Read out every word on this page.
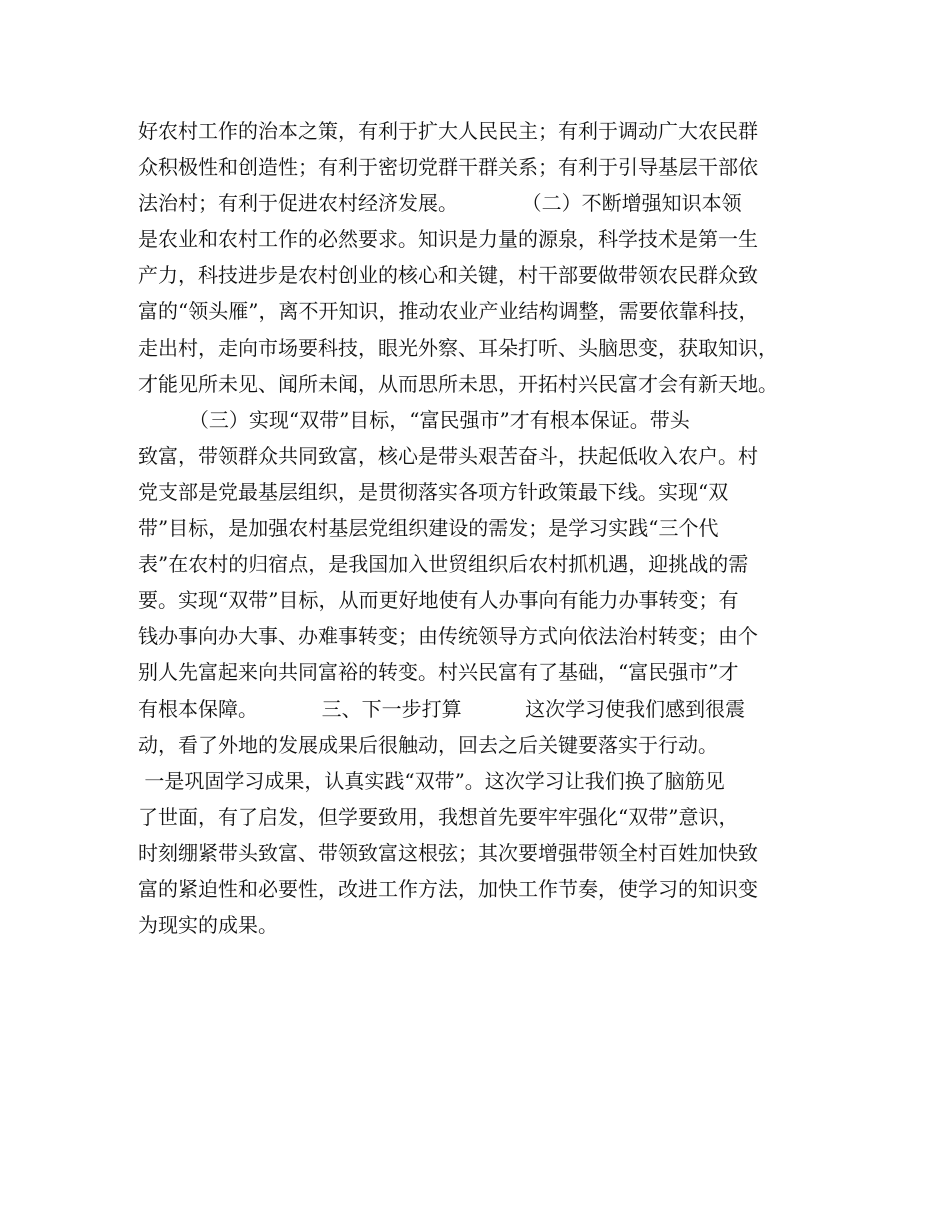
好农村工作的治本之策，有利于扩大人民民主；有利于调动广大农民群
众积极性和创造性；有利于密切党群干群关系；有利于引导基层干部依
法治村；有利于促进农村经济发展。          （二）不断增强知识本领
是农业和农村工作的必然要求。知识是力量的源泉，科学技术是第一生
产力，科技进步是农村创业的核心和关键，村干部要做带领农民群众致
富的“领头雁”，离不开知识，推动农业产业结构调整，需要依靠科技，
走出村，走向市场要科技，眼光外察、耳朵打听、头脑思变，获取知识，
才能见所未见、闻所未闻，从而思所未思，开拓村兴民富才会有新天地。
（三）实现“双带”目标，“富民强市”才有根本保证。带头
致富，带领群众共同致富，核心是带头艰苦奋斗，扶起低收入农户。村
党支部是党最基层组织，是贯彻落实各项方针政策最下线。实现“双
带”目标，是加强农村基层党组织建设的需发；是学习实践“三个代
表”在农村的归宿点，是我国加入世贸组织后农村抓机遇，迎挑战的需
要。实现“双带”目标，从而更好地使有人办事向有能力办事转变；有
钱办事向办大事、办难事转变；由传统领导方式向依法治村转变；由个
别人先富起来向共同富裕的转变。村兴民富有了基础，“富民强市”才
有根本保障。          三、下一步打算          这次学习使我们感到很震
动，看了外地的发展成果后很触动，回去之后关键要落实于行动。
一是巩固学习成果，认真实践“双带”。这次学习让我们换了脑筋见
了世面，有了启发，但学要致用，我想首先要牢牢强化“双带”意识，
时刻绷紧带头致富、带领致富这根弦；其次要增强带领全村百姓加快致
富的紧迫性和必要性，改进工作方法，加快工作节奏，使学习的知识变
为现实的成果。
